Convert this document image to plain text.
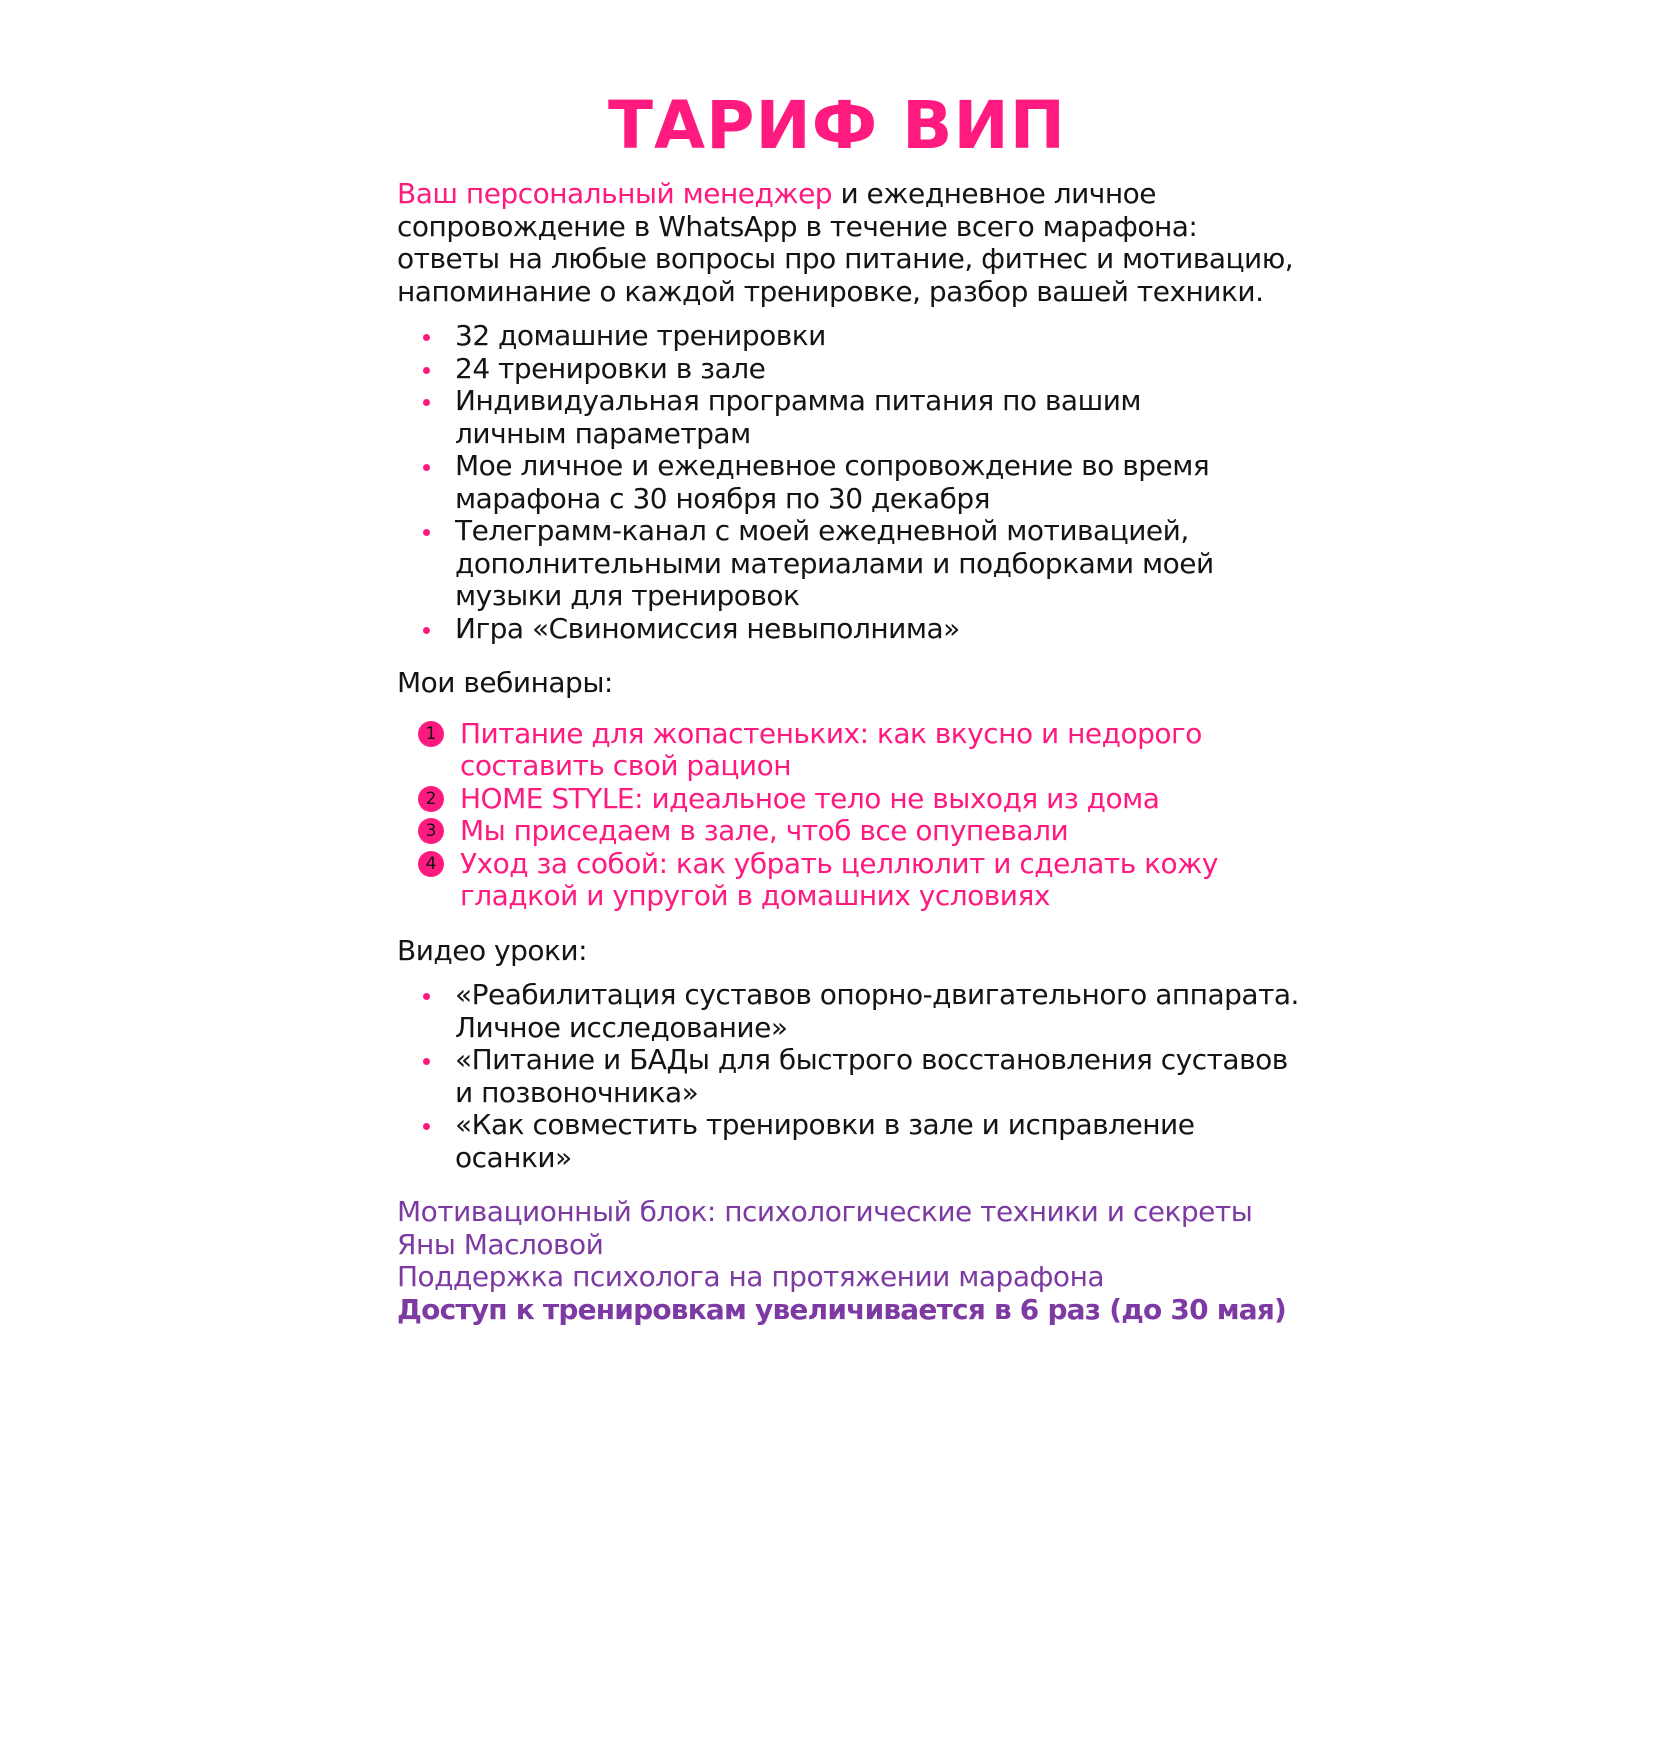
ТАРИФ ВИП

Ваш персональный менеджер и ежедневное личное
сопровождение в WhatsApp в течение всего марафона:
ответы на любые вопросы про питание, фитнес и мотивацию,
напоминание о каждой тренировке, разбор вашей техники.

32 домашние тренировки
24 тренировки в зале
Индивидуальная программа питания по вашим
личным параметрам
Мое личное и ежедневное сопровождение во время
марафона с 30 ноября по 30 декабря
Телеграмм-канал с моей ежедневной мотивацией,
дополнительными материалами и подборками моей
музыки для тренировок
Игра «Свиномиссия невыполнима»

Мои вебинары:

1 Питание для жопастеньких: как вкусно и недорого
составить свой рацион
2 HOME STYLE: идеальное тело не выходя из дома
3 Мы приседаем в зале, чтоб все опупевали
4 Уход за собой: как убрать целлюлит и сделать кожу
гладкой и упругой в домашних условиях

Видео уроки:

«Реабилитация суставов опорно-двигательного аппарата.
Личное исследование»
«Питание и БАДы для быстрого восстановления суставов
и позвоночника»
«Как совместить тренировки в зале и исправление
осанки»

Мотивационный блок: психологические техники и секреты
Яны Масловой

Поддержка психолога на протяжении марафона

Доступ к тренировкам увеличивается в 6 раз (до 30 мая)
